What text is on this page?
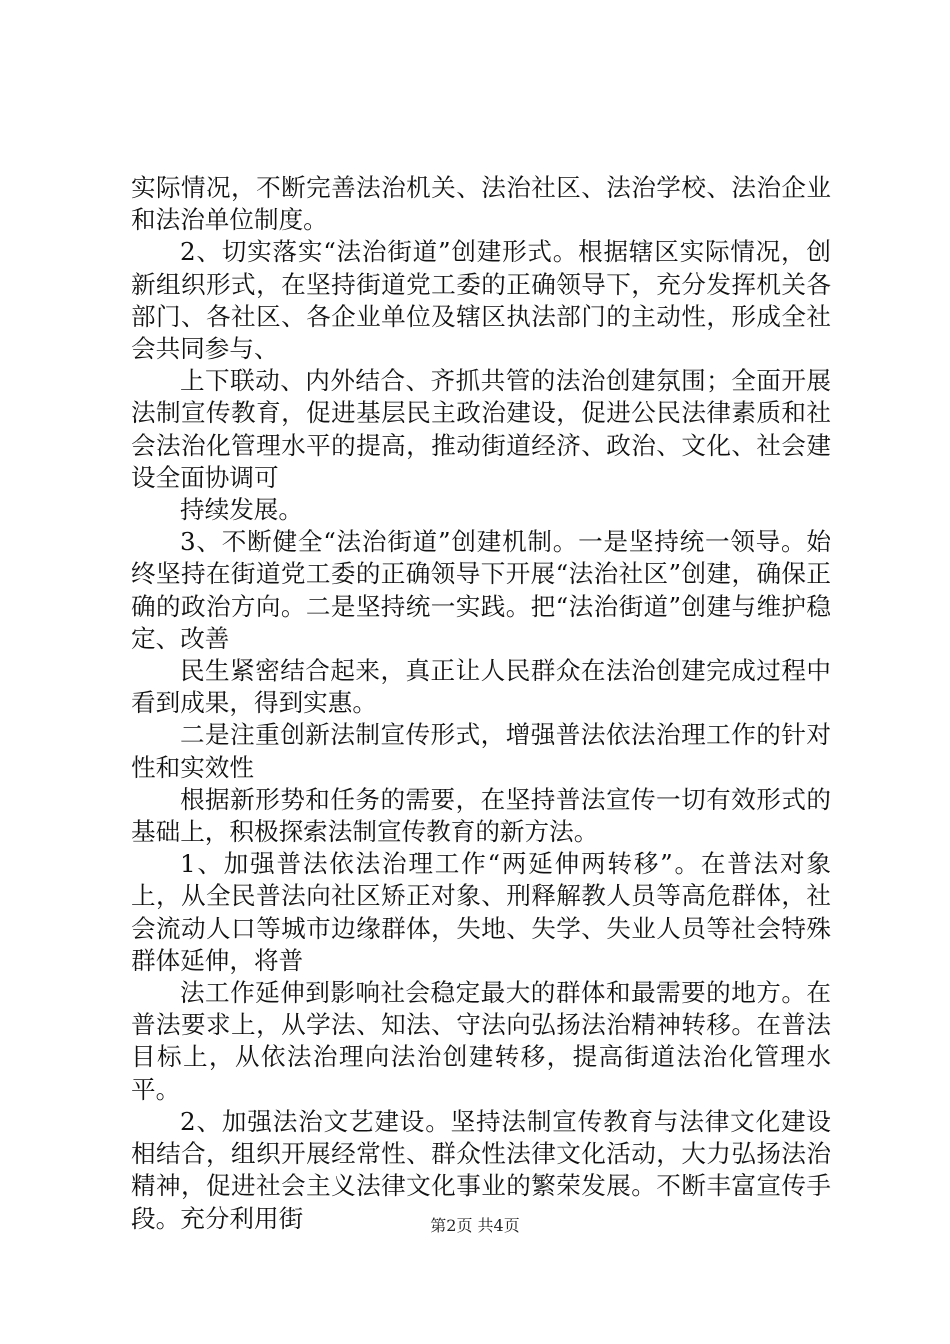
实际情况，不断完善法治机关、法治社区、法治学校、法治企业和法治单位制度。

2、切实落实“法治街道”创建形式。根据辖区实际情况，创新组织形式，在坚持街道党工委的正确领导下，充分发挥机关各部门、各社区、各企业单位及辖区执法部门的主动性，形成全社会共同参与、

上下联动、内外结合、齐抓共管的法治创建氛围；全面开展法制宣传教育，促进基层民主政治建设，促进公民法律素质和社会法治化管理水平的提高，推动街道经济、政治、文化、社会建设全面协调可

持续发展。

3、不断健全“法治街道”创建机制。一是坚持统一领导。始终坚持在街道党工委的正确领导下开展“法治社区”创建，确保正确的政治方向。二是坚持统一实践。把“法治街道”创建与维护稳定、改善

民生紧密结合起来，真正让人民群众在法治创建完成过程中看到成果，得到实惠。

二是注重创新法制宣传形式，增强普法依法治理工作的针对性和实效性

根据新形势和任务的需要，在坚持普法宣传一切有效形式的基础上，积极探索法制宣传教育的新方法。

1、加强普法依法治理工作“两延伸两转移”。在普法对象上，从全民普法向社区矫正对象、刑释解教人员等高危群体，社会流动人口等城市边缘群体，失地、失学、失业人员等社会特殊群体延伸，将普

法工作延伸到影响社会稳定最大的群体和最需要的地方。在普法要求上，从学法、知法、守法向弘扬法治精神转移。在普法目标上，从依法治理向法治创建转移，提高街道法治化管理水平。

2、加强法治文艺建设。坚持法制宣传教育与法律文化建设相结合，组织开展经常性、群众性法律文化活动，大力弘扬法治精神，促进社会主义法律文化事业的繁荣发展。不断丰富宣传手段。充分利用街	第2页 共4页
